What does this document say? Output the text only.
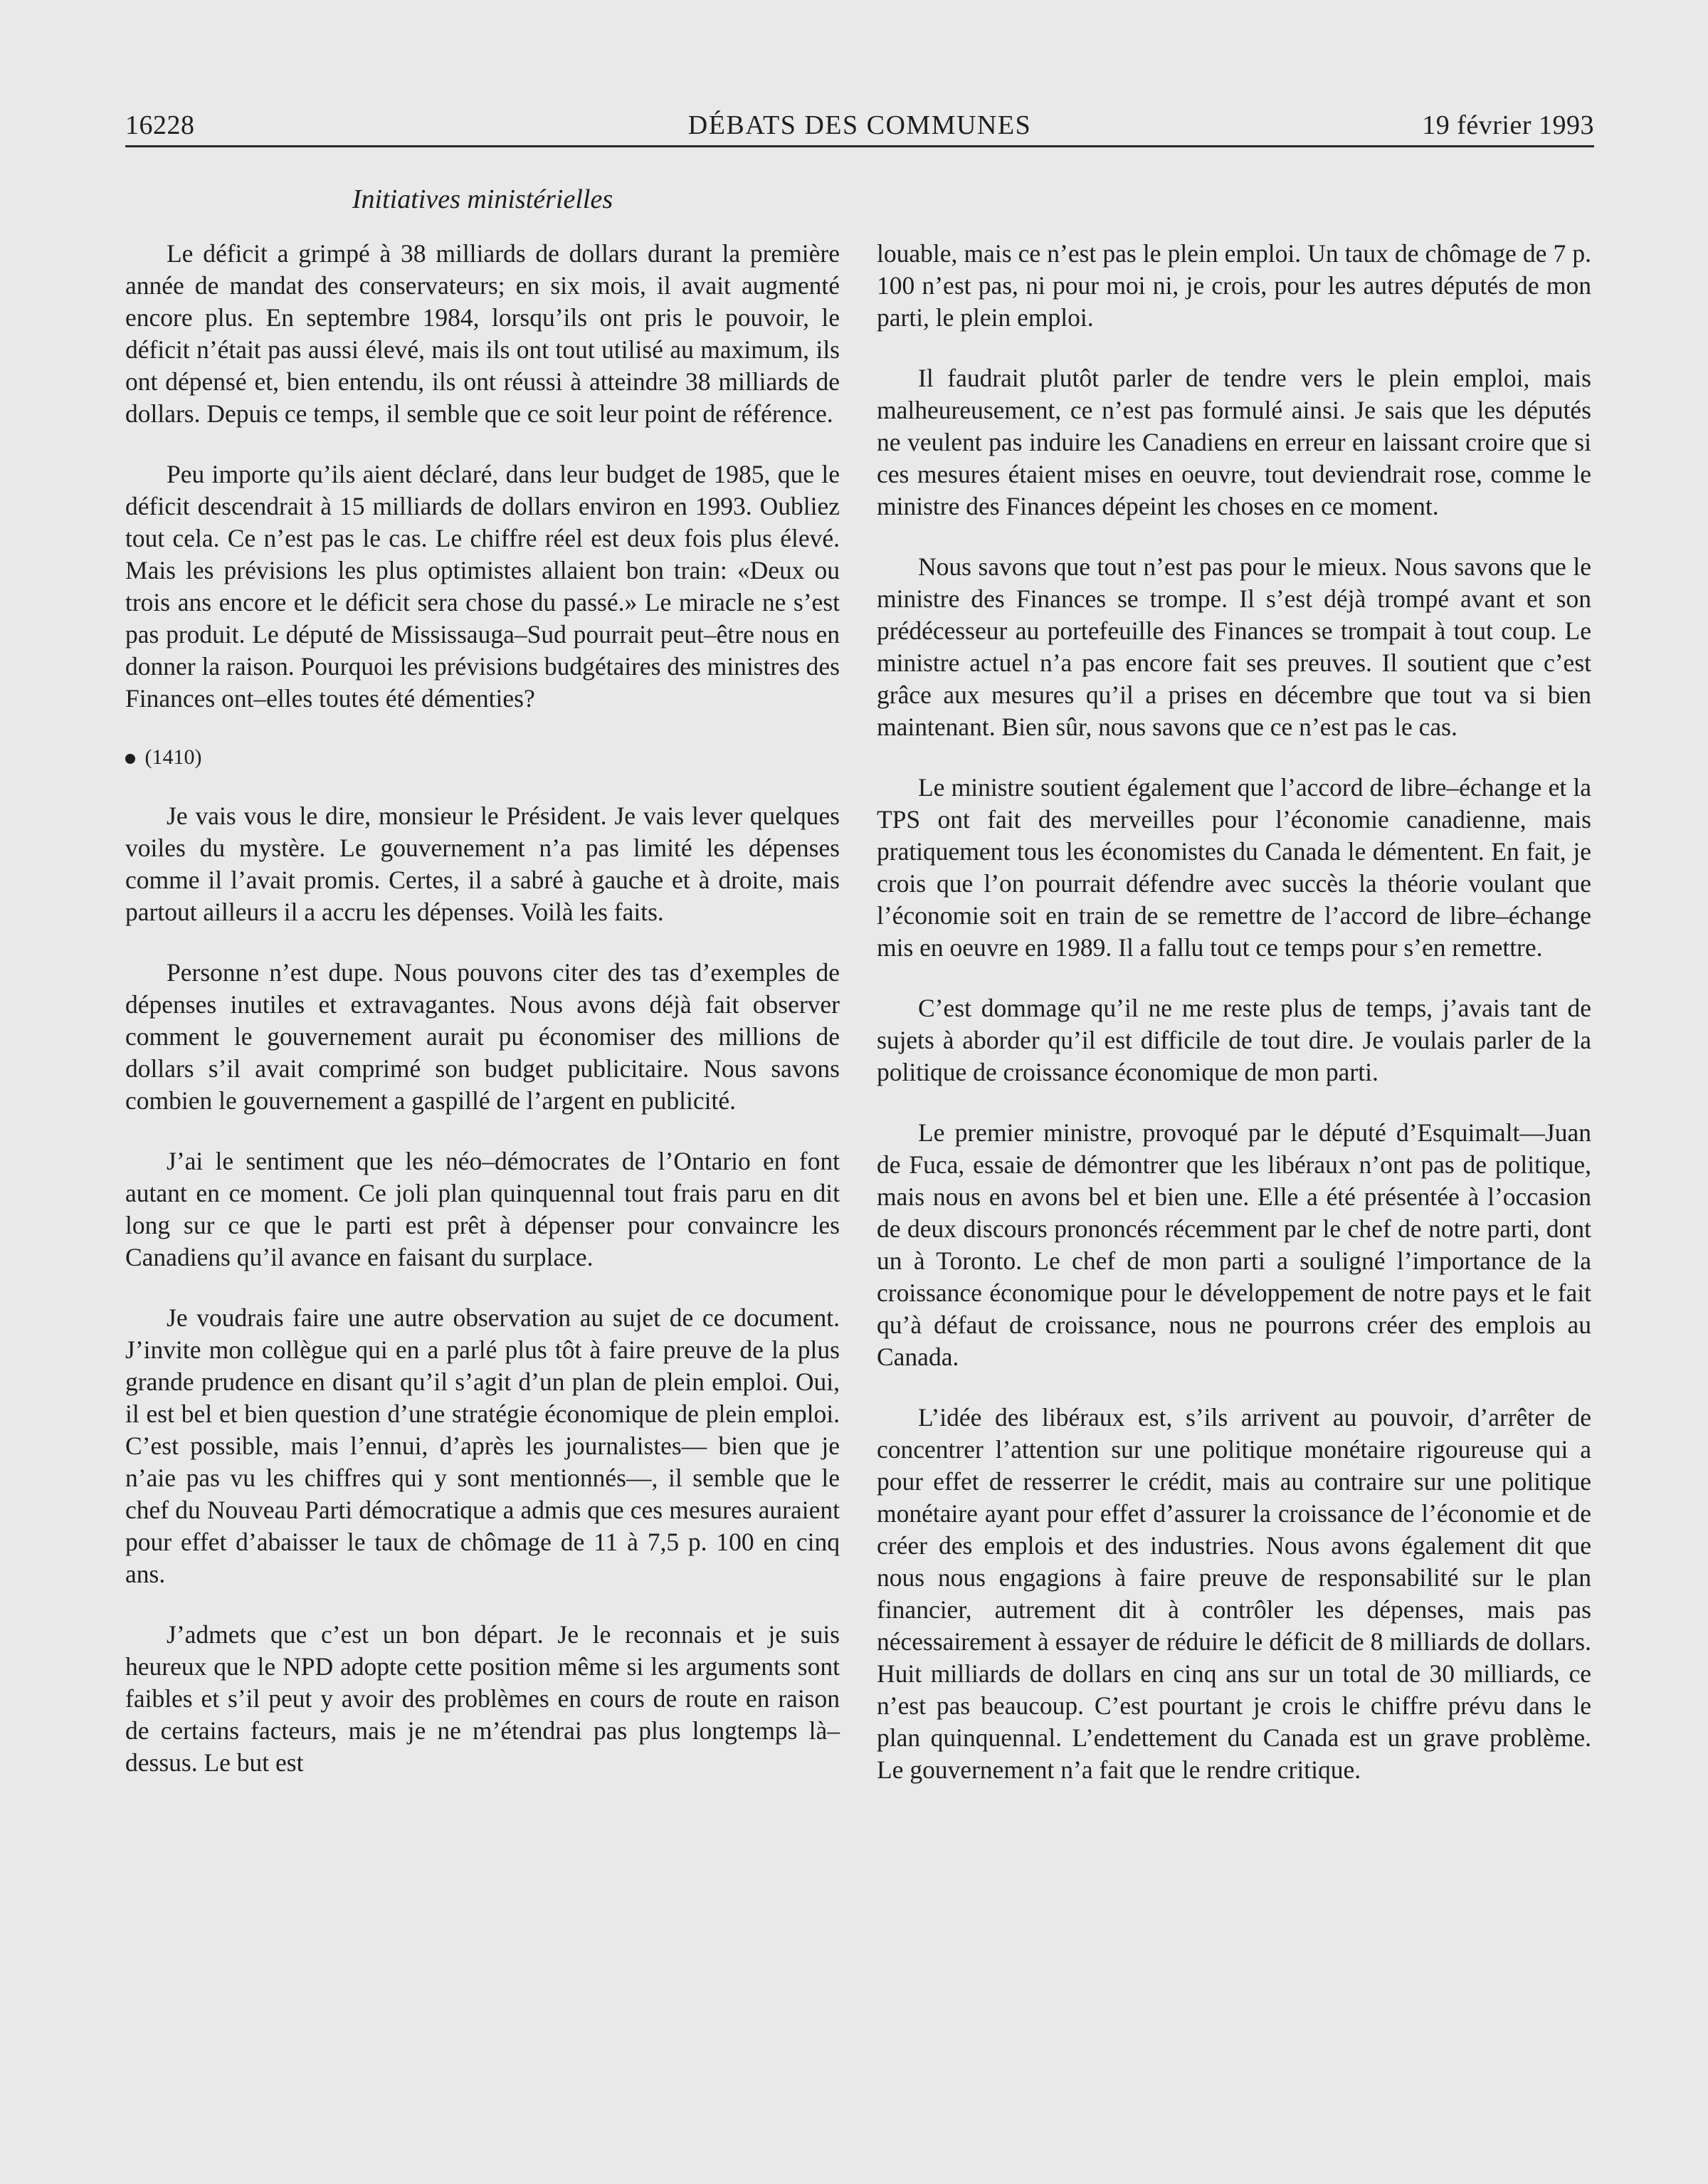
16228	DÉBATS DES COMMUNES	19 février 1993
Initiatives ministérielles

Le déficit a grimpé à 38 milliards de dollars durant la première année de mandat des conservateurs; en six mois, il avait augmenté encore plus. En septembre 1984, lorsqu’ils ont pris le pouvoir, le déficit n’était pas aussi élevé, mais ils ont tout utilisé au maximum, ils ont dépensé et, bien entendu, ils ont réussi à atteindre 38 milliards de dollars. Depuis ce temps, il semble que ce soit leur point de référence.

Peu importe qu’ils aient déclaré, dans leur budget de 1985, que le déficit descendrait à 15 milliards de dollars environ en 1993. Oubliez tout cela. Ce n’est pas le cas. Le chiffre réel est deux fois plus élevé. Mais les prévisions les plus optimistes allaient bon train: «Deux ou trois ans encore et le déficit sera chose du passé.» Le miracle ne s’est pas produit. Le député de Mississauga–Sud pourrait peut–être nous en donner la raison. Pourquoi les prévisions budgétaires des ministres des Finances ont–elles toutes été démenties?

(1410)

Je vais vous le dire, monsieur le Président. Je vais lever quelques voiles du mystère. Le gouvernement n’a pas limité les dépenses comme il l’avait promis. Certes, il a sabré à gauche et à droite, mais partout ailleurs il a accru les dépenses. Voilà les faits.

Personne n’est dupe. Nous pouvons citer des tas d’exemples de dépenses inutiles et extravagantes. Nous avons déjà fait observer comment le gouvernement aurait pu économiser des millions de dollars s’il avait comprimé son budget publicitaire. Nous savons combien le gouvernement a gaspillé de l’argent en publicité.

J’ai le sentiment que les néo–démocrates de l’Ontario en font autant en ce moment. Ce joli plan quinquennal tout frais paru en dit long sur ce que le parti est prêt à dépenser pour convaincre les Canadiens qu’il avance en faisant du surplace.

Je voudrais faire une autre observation au sujet de ce document. J’invite mon collègue qui en a parlé plus tôt à faire preuve de la plus grande prudence en disant qu’il s’agit d’un plan de plein emploi. Oui, il est bel et bien question d’une stratégie économique de plein emploi. C’est possible, mais l’ennui, d’après les journalistes— bien que je n’aie pas vu les chiffres qui y sont mentionnés—, il semble que le chef du Nouveau Parti démocratique a admis que ces mesures auraient pour effet d’abaisser le taux de chômage de 11 à 7,5 p. 100 en cinq ans.

J’admets que c’est un bon départ. Je le reconnais et je suis heureux que le NPD adopte cette position même si les arguments sont faibles et s’il peut y avoir des problèmes en cours de route en raison de certains facteurs, mais je ne m’étendrai pas plus longtemps là–dessus. Le but est

louable, mais ce n’est pas le plein emploi. Un taux de chômage de 7 p. 100 n’est pas, ni pour moi ni, je crois, pour les autres députés de mon parti, le plein emploi.

Il faudrait plutôt parler de tendre vers le plein emploi, mais malheureusement, ce n’est pas formulé ainsi. Je sais que les députés ne veulent pas induire les Canadiens en erreur en laissant croire que si ces mesures étaient mises en oeuvre, tout deviendrait rose, comme le ministre des Finances dépeint les choses en ce moment.

Nous savons que tout n’est pas pour le mieux. Nous savons que le ministre des Finances se trompe. Il s’est déjà trompé avant et son prédécesseur au portefeuille des Finances se trompait à tout coup. Le ministre actuel n’a pas encore fait ses preuves. Il soutient que c’est grâce aux mesures qu’il a prises en décembre que tout va si bien maintenant. Bien sûr, nous savons que ce n’est pas le cas.

Le ministre soutient également que l’accord de libre–échange et la TPS ont fait des merveilles pour l’économie canadienne, mais pratiquement tous les économistes du Canada le démentent. En fait, je crois que l’on pourrait défendre avec succès la théorie voulant que l’économie soit en train de se remettre de l’accord de libre–échange mis en oeuvre en 1989. Il a fallu tout ce temps pour s’en remettre.

C’est dommage qu’il ne me reste plus de temps, j’avais tant de sujets à aborder qu’il est difficile de tout dire. Je voulais parler de la politique de croissance économique de mon parti.

Le premier ministre, provoqué par le député d’Esquimalt—Juan de Fuca, essaie de démontrer que les libéraux n’ont pas de politique, mais nous en avons bel et bien une. Elle a été présentée à l’occasion de deux discours prononcés récemment par le chef de notre parti, dont un à Toronto. Le chef de mon parti a souligné l’importance de la croissance économique pour le développement de notre pays et le fait qu’à défaut de croissance, nous ne pourrons créer des emplois au Canada.

L’idée des libéraux est, s’ils arrivent au pouvoir, d’arrêter de concentrer l’attention sur une politique monétaire rigoureuse qui a pour effet de resserrer le crédit, mais au contraire sur une politique monétaire ayant pour effet d’assurer la croissance de l’économie et de créer des emplois et des industries. Nous avons également dit que nous nous engagions à faire preuve de responsabilité sur le plan financier, autrement dit à contrôler les dépenses, mais pas nécessairement à essayer de réduire le déficit de 8 milliards de dollars. Huit milliards de dollars en cinq ans sur un total de 30 milliards, ce n’est pas beaucoup. C’est pourtant je crois le chiffre prévu dans le plan quinquennal. L’endettement du Canada est un grave problème. Le gouvernement n’a fait que le rendre critique.
